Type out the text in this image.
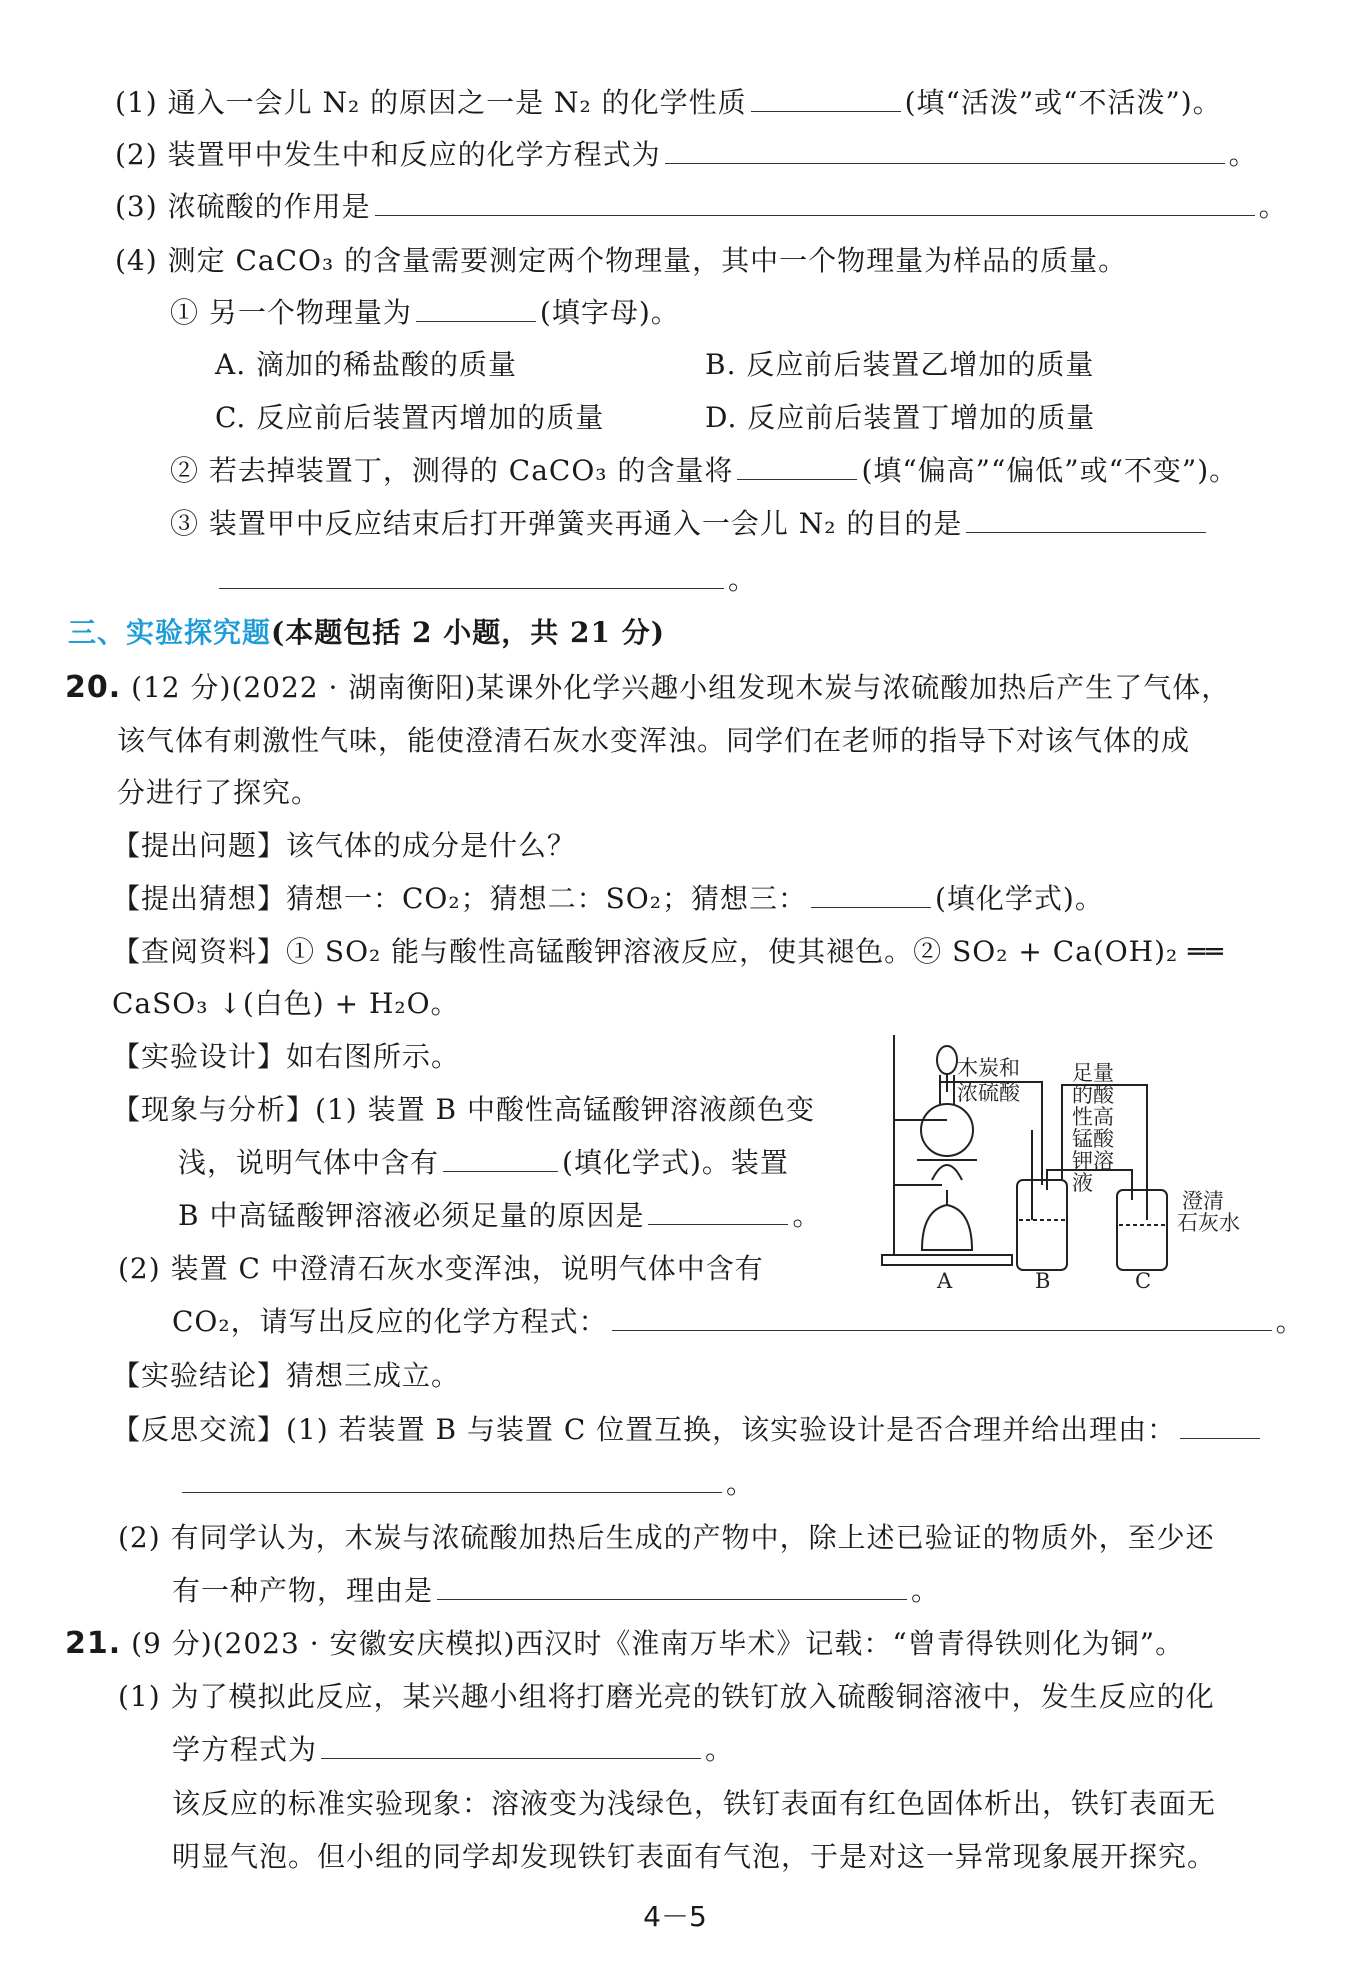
(1) 通入一会儿 N₂ 的原因之一是 N₂ 的化学性质	(填“活泼”或“不活泼”)。
(2) 装置甲中发生中和反应的化学方程式为	。
(3) 浓硫酸的作用是	。
(4) 测定 CaCO₃ 的含量需要测定两个物理量，其中一个物理量为样品的质量。
① 另一个物理量为	(填字母)。
A. 滴加的稀盐酸的质量	B. 反应前后装置乙增加的质量
C. 反应前后装置丙增加的质量	D. 反应前后装置丁增加的质量
② 若去掉装置丁，测得的 CaCO₃ 的含量将	(填“偏高”“偏低”或“不变”)。
③ 装置甲中反应结束后打开弹簧夹再通入一会儿 N₂ 的目的是
。
三、实验探究题(本题包括 2 小题，共 21 分)
20. (12 分)(2022 · 湖南衡阳)某课外化学兴趣小组发现木炭与浓硫酸加热后产生了气体，
该气体有刺激性气味，能使澄清石灰水变浑浊。同学们在老师的指导下对该气体的成
分进行了探究。
【提出问题】该气体的成分是什么？
【提出猜想】猜想一：CO₂；猜想二：SO₂；猜想三：	(填化学式)。
【查阅资料】① SO₂ 能与酸性高锰酸钾溶液反应，使其褪色。② SO₂ + Ca(OH)₂ ══
CaSO₃ ↓(白色) + H₂O。
【实验设计】如右图所示。
【现象与分析】(1) 装置 B 中酸性高锰酸钾溶液颜色变
浅，说明气体中含有	(填化学式)。装置
B 中高锰酸钾溶液必须足量的原因是	。
(2) 装置 C 中澄清石灰水变浑浊，说明气体中含有
CO₂，请写出反应的化学方程式：	。
【实验结论】猜想三成立。
【反思交流】(1) 若装置 B 与装置 C 位置互换，该实验设计是否合理并给出理由：
。
(2) 有同学认为，木炭与浓硫酸加热后生成的产物中，除上述已验证的物质外，至少还
有一种产物，理由是	。
21. (9 分)(2023 · 安徽安庆模拟)西汉时《淮南万毕术》记载：“曾青得铁则化为铜”。
(1) 为了模拟此反应，某兴趣小组将打磨光亮的铁钉放入硫酸铜溶液中，发生反应的化
学方程式为	。
该反应的标准实验现象：溶液变为浅绿色，铁钉表面有红色固体析出，铁钉表面无
明显气泡。但小组的同学却发现铁钉表面有气泡，于是对这一异常现象展开探究。
木炭和
浓硫酸
足量
的酸
性高
锰酸
钾溶
液
澄清
石灰水
A	B	C
4－5
